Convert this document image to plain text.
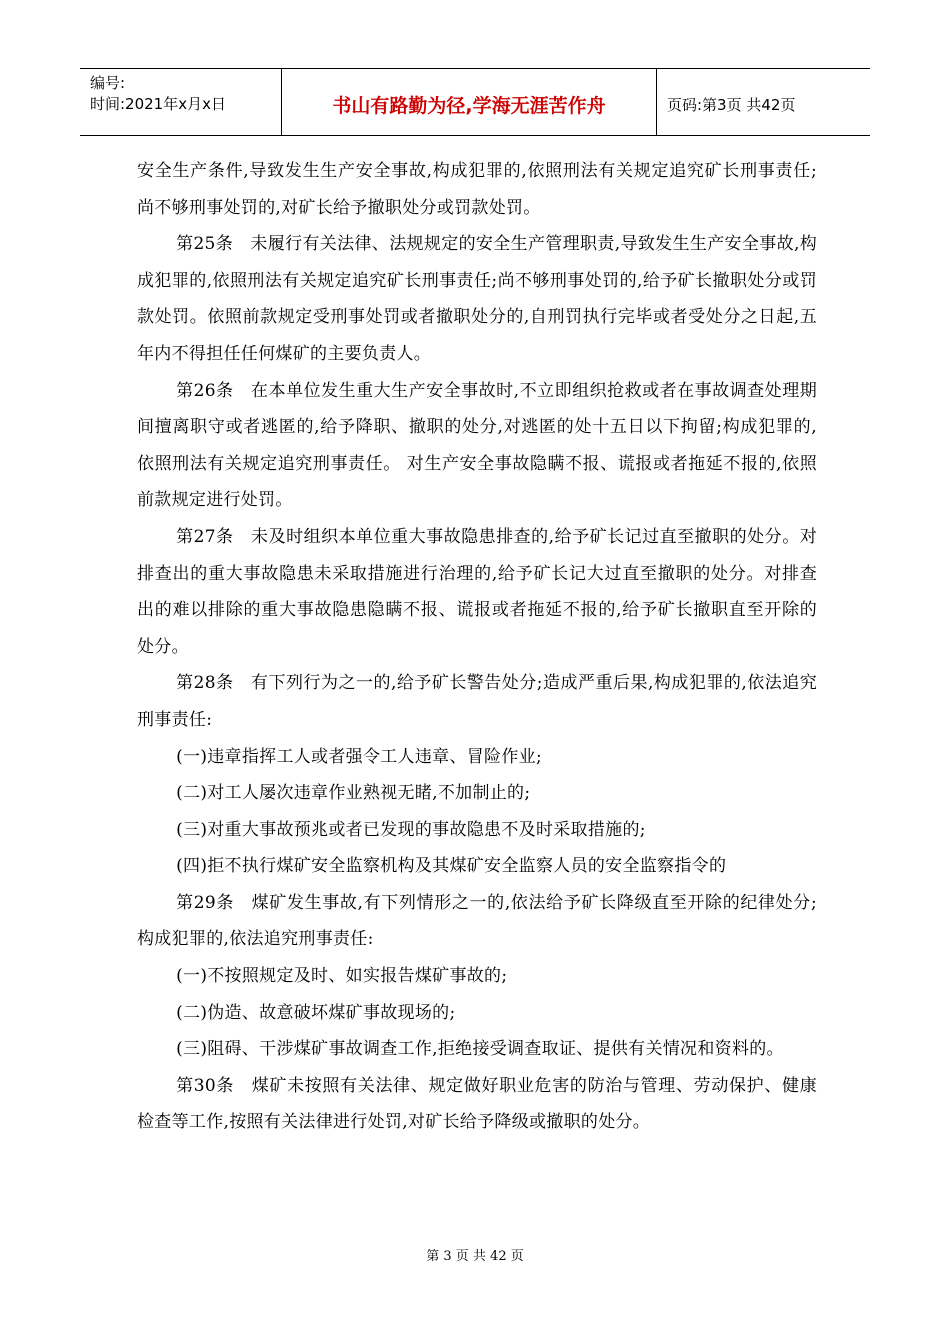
编号:
时间:2021年x月x日	书山有路勤为径,学海无涯苦作舟	页码:第3页 共42页

安全生产条件,导致发生生产安全事故,构成犯罪的,依照刑法有关规定追究矿长刑事责任;尚不够刑事处罚的,对矿长给予撤职处分或罚款处罚。

第25条　未履行有关法律、法规规定的安全生产管理职责,导致发生生产安全事故,构成犯罪的,依照刑法有关规定追究矿长刑事责任;尚不够刑事处罚的,给予矿长撤职处分或罚款处罚。依照前款规定受刑事处罚或者撤职处分的,自刑罚执行完毕或者受处分之日起,五年内不得担任任何煤矿的主要负责人。

第26条　在本单位发生重大生产安全事故时,不立即组织抢救或者在事故调查处理期间擅离职守或者逃匿的,给予降职、撤职的处分,对逃匿的处十五日以下拘留;构成犯罪的,依照刑法有关规定追究刑事责任。 对生产安全事故隐瞒不报、谎报或者拖延不报的,依照前款规定进行处罚。

第27条　未及时组织本单位重大事故隐患排查的,给予矿长记过直至撤职的处分。对排查出的重大事故隐患未采取措施进行治理的,给予矿长记大过直至撤职的处分。对排查出的难以排除的重大事故隐患隐瞒不报、谎报或者拖延不报的,给予矿长撤职直至开除的处分。

第28条　有下列行为之一的,给予矿长警告处分;造成严重后果,构成犯罪的,依法追究刑事责任:

(一)违章指挥工人或者强令工人违章、冒险作业;

(二)对工人屡次违章作业熟视无睹,不加制止的;

(三)对重大事故预兆或者已发现的事故隐患不及时采取措施的;

(四)拒不执行煤矿安全监察机构及其煤矿安全监察人员的安全监察指令的

第29条　煤矿发生事故,有下列情形之一的,依法给予矿长降级直至开除的纪律处分;构成犯罪的,依法追究刑事责任:

(一)不按照规定及时、如实报告煤矿事故的;

(二)伪造、故意破坏煤矿事故现场的;

(三)阻碍、干涉煤矿事故调查工作,拒绝接受调查取证、提供有关情况和资料的。

第30条　煤矿未按照有关法律、规定做好职业危害的防治与管理、劳动保护、健康检查等工作,按照有关法律进行处罚,对矿长给予降级或撤职的处分。

第 3 页 共 42 页
